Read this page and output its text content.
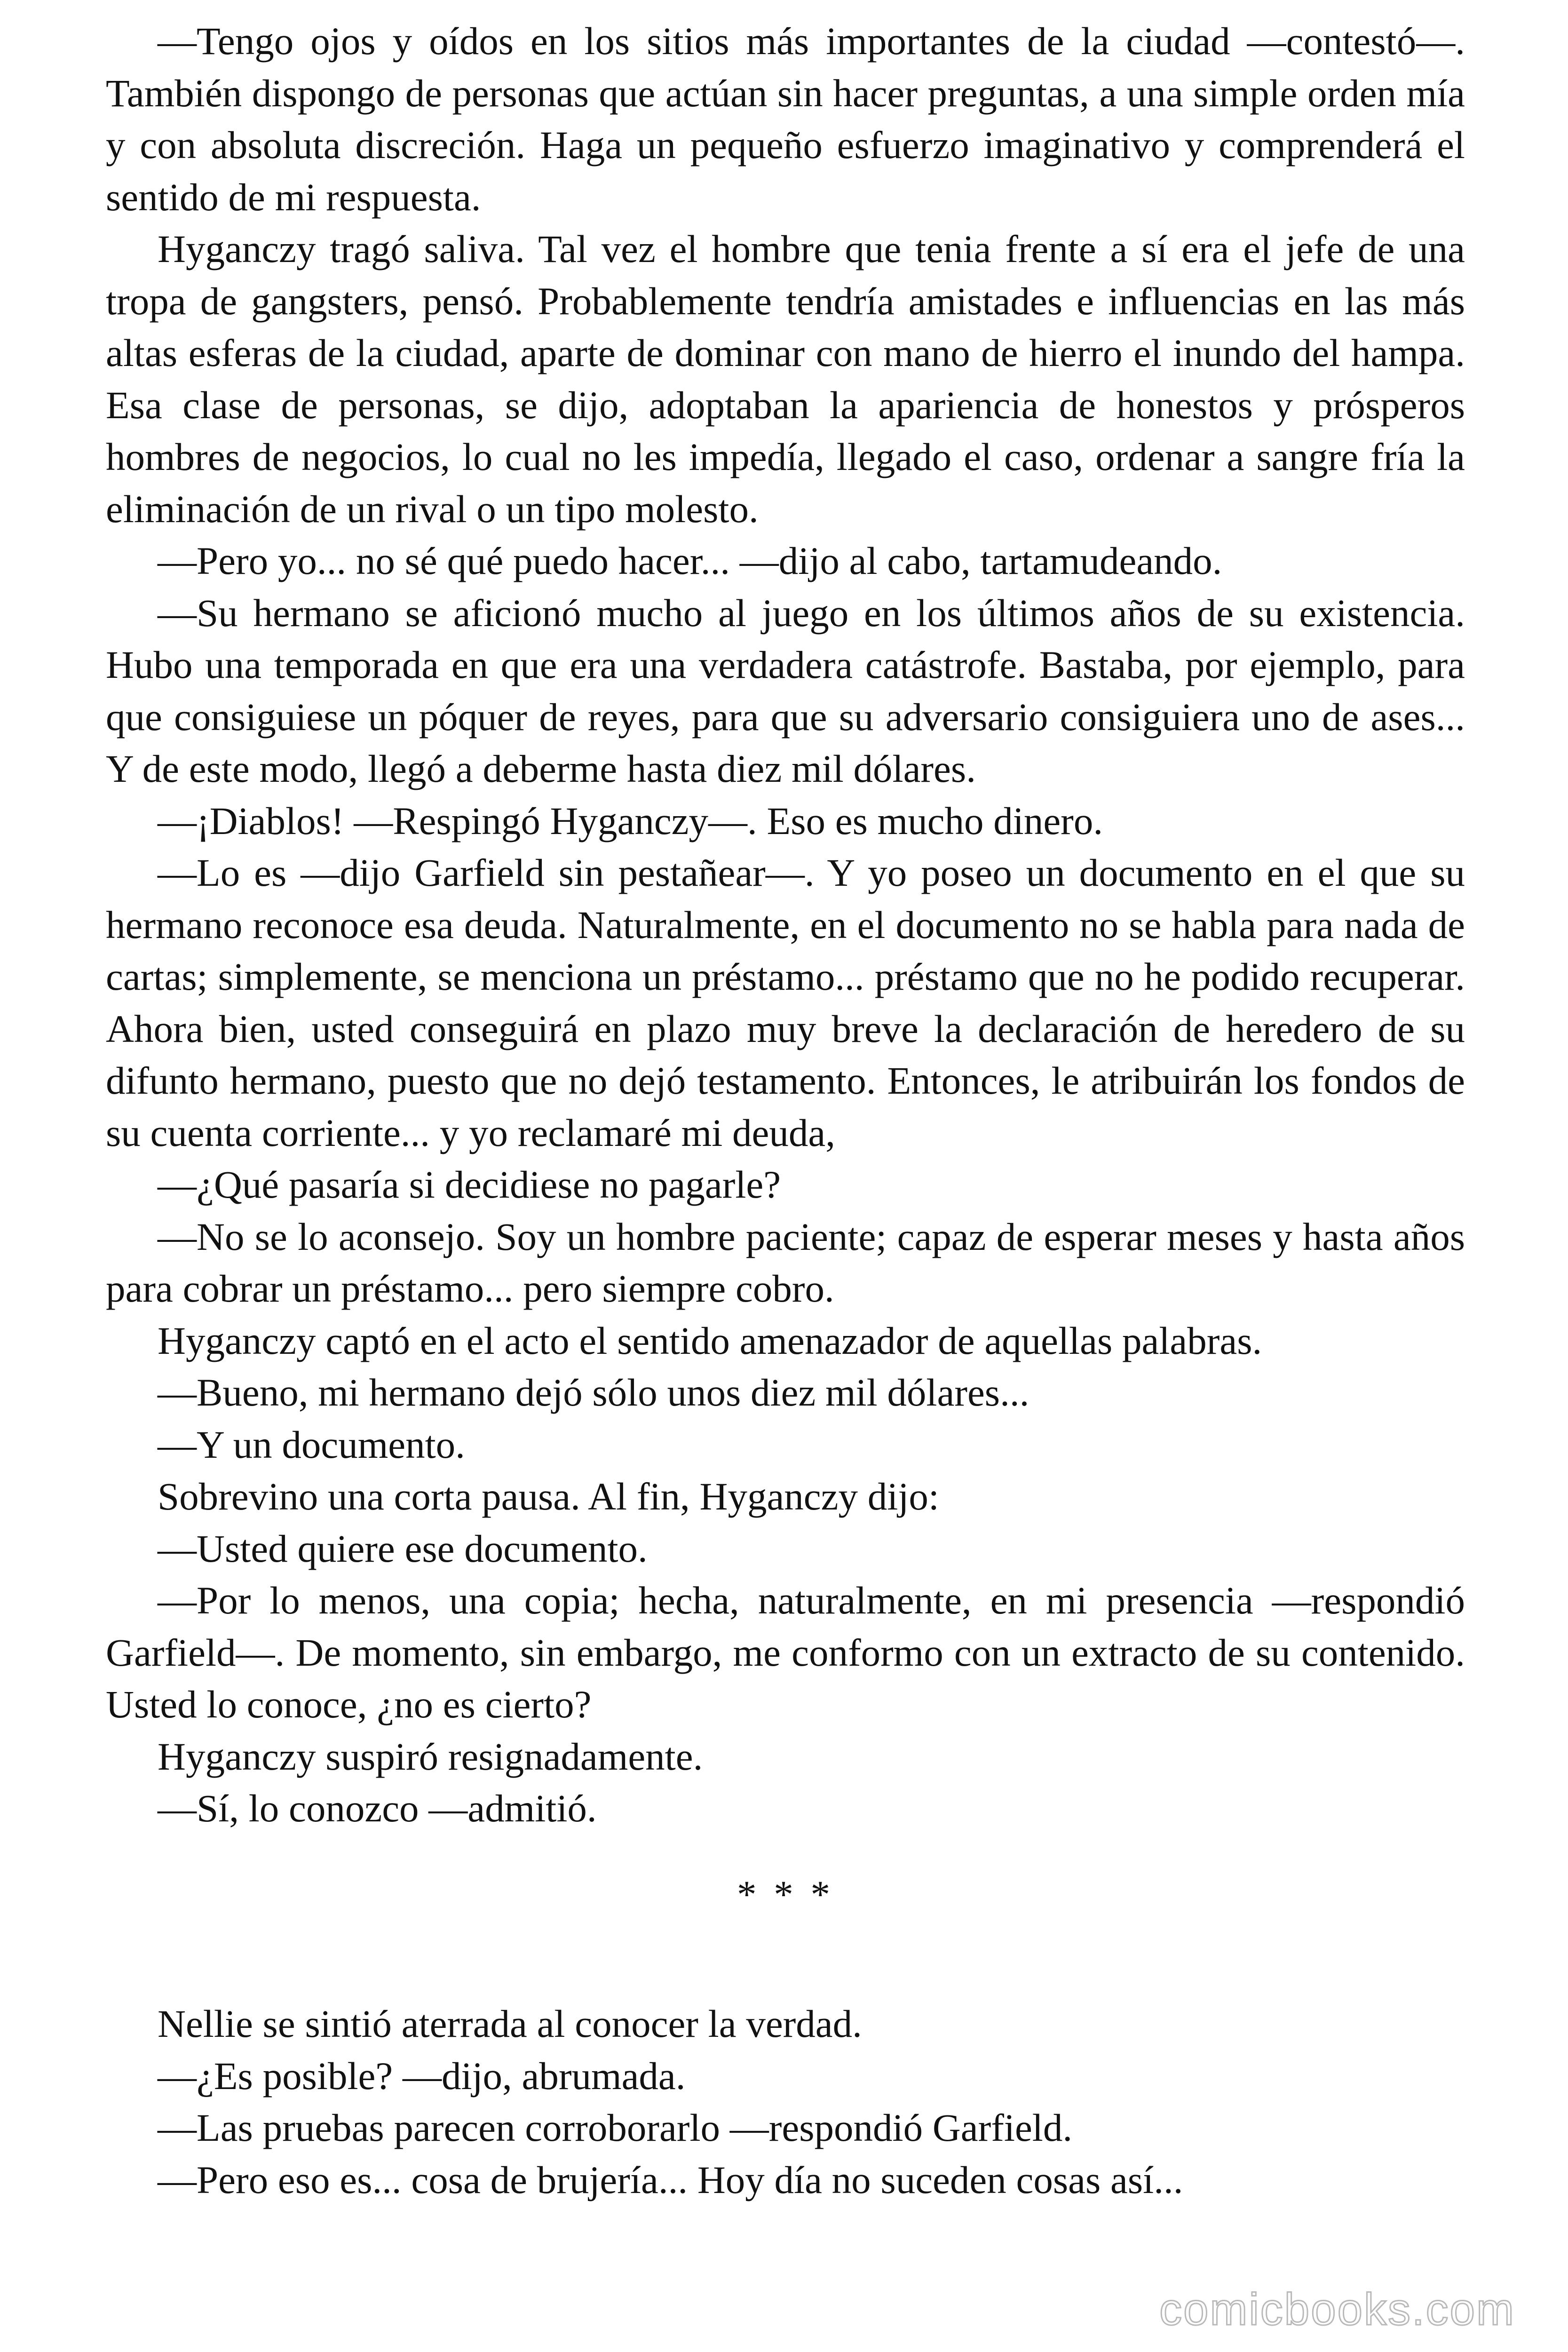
—Tengo ojos y oídos en los sitios más importantes de la ciudad —contestó—. También dispongo de personas que actúan sin hacer preguntas, a una simple orden mía y con absoluta discreción. Haga un pequeño esfuerzo imaginativo y comprenderá el sentido de mi respuesta.

Hyganczy tragó saliva. Tal vez el hombre que tenia frente a sí era el jefe de una tropa de gangsters, pensó. Probablemente tendría amistades e influencias en las más altas esferas de la ciudad, aparte de dominar con mano de hierro el inundo del hampa. Esa clase de personas, se dijo, adoptaban la apariencia de honestos y prósperos hombres de negocios, lo cual no les impedía, llegado el caso, ordenar a sangre fría la eliminación de un rival o un tipo molesto.

—Pero yo... no sé qué puedo hacer... —dijo al cabo, tartamudeando.

—Su hermano se aficionó mucho al juego en los últimos años de su existencia. Hubo una temporada en que era una verdadera catástrofe. Bastaba, por ejemplo, para que consiguiese un póquer de reyes, para que su adversario consiguiera uno de ases... Y de este modo, llegó a deberme hasta diez mil dólares.

—¡Diablos! —Respingó Hyganczy—. Eso es mucho dinero.

—Lo es —dijo Garfield sin pestañear—. Y yo poseo un documento en el que su hermano reconoce esa deuda. Naturalmente, en el documento no se habla para nada de cartas; simplemente, se menciona un préstamo... préstamo que no he podido recuperar. Ahora bien, usted conseguirá en plazo muy breve la declaración de heredero de su difunto hermano, puesto que no dejó testamento. Entonces, le atribuirán los fondos de su cuenta corriente... y yo reclamaré mi deuda,

—¿Qué pasaría si decidiese no pagarle?

—No se lo aconsejo. Soy un hombre paciente; capaz de esperar meses y hasta años para cobrar un préstamo... pero siempre cobro.

Hyganczy captó en el acto el sentido amenazador de aquellas palabras.

—Bueno, mi hermano dejó sólo unos diez mil dólares...

—Y un documento.

Sobrevino una corta pausa. Al fin, Hyganczy dijo:

—Usted quiere ese documento.

—Por lo menos, una copia; hecha, naturalmente, en mi presencia —respondió Garfield—. De momento, sin embargo, me conformo con un extracto de su contenido. Usted lo conoce, ¿no es cierto?

Hyganczy suspiró resignadamente.

—Sí, lo conozco —admitió.

* * *

Nellie se sintió aterrada al conocer la verdad.

—¿Es posible? —dijo, abrumada.

—Las pruebas parecen corroborarlo —respondió Garfield.

—Pero eso es... cosa de brujería... Hoy día no suceden cosas así...

comicbooks.com
